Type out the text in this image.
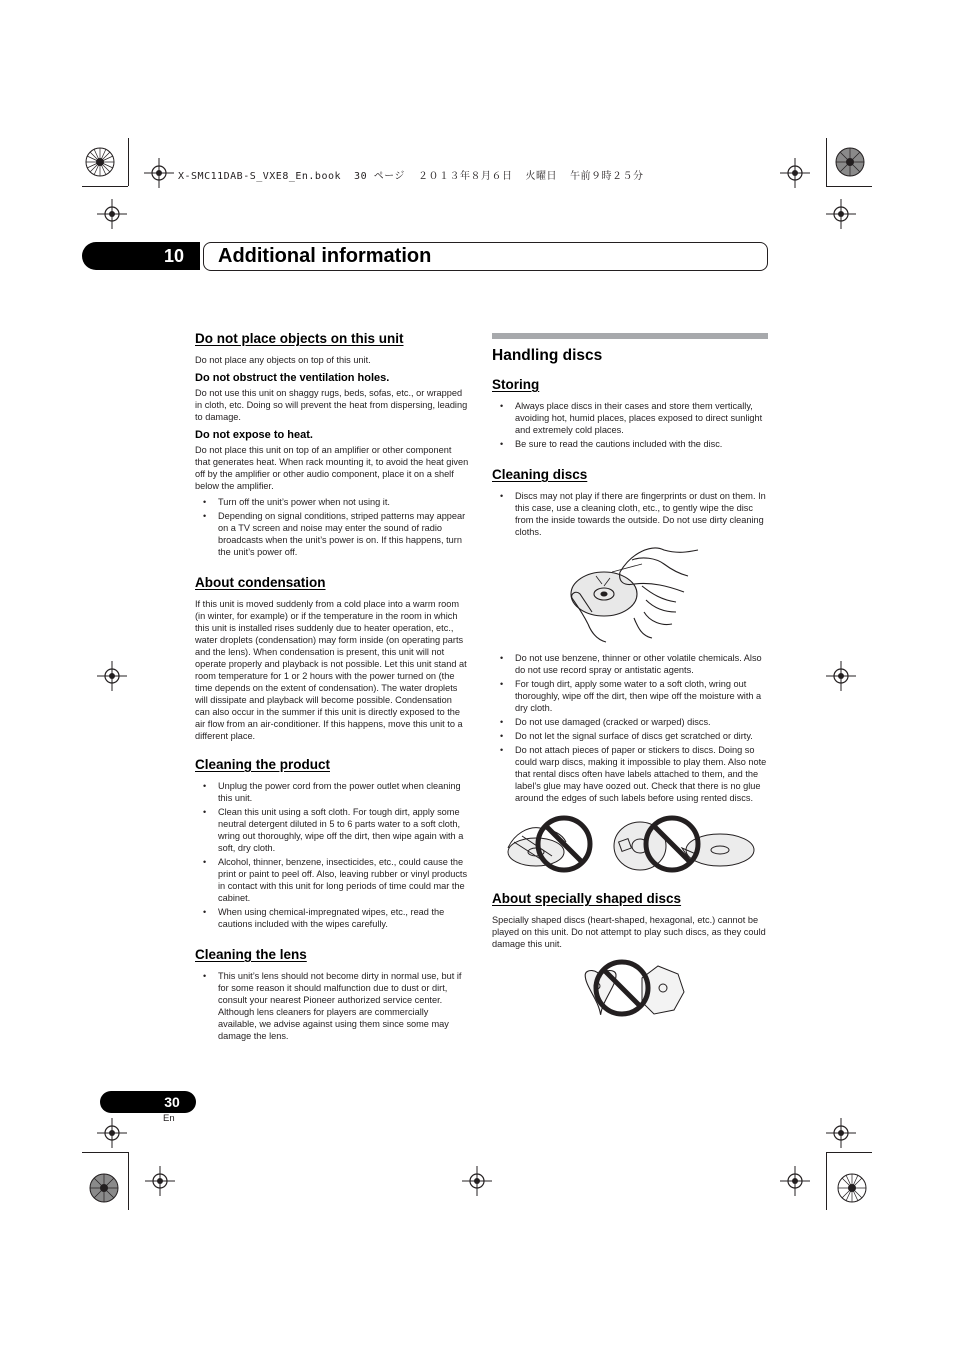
X-SMC11DAB-S_VXE8_En.book  30 ページ  ２０１３年８月６日  火曜日  午前９時２５分
10	Additional information
Do not place objects on this unit

Do not place any objects on top of this unit.

Do not obstruct the ventilation holes.

Do not use this unit on shaggy rugs, beds, sofas, etc., or wrapped in cloth, etc. Doing so will prevent the heat from dispersing, leading to damage.

Do not expose to heat.

Do not place this unit on top of an amplifier or other component that generates heat. When rack mounting it, to avoid the heat given off by the amplifier or other audio component, place it on a shelf below the amplifier.

• Turn off the unit’s power when not using it.
• Depending on signal conditions, striped patterns may appear on a TV screen and noise may enter the sound of radio broadcasts when the unit’s power is on. If this happens, turn the unit’s power off.
About condensation

If this unit is moved suddenly from a cold place into a warm room (in winter, for example) or if the temperature in the room in which this unit is installed rises suddenly due to heater operation, etc., water droplets (condensation) may form inside (on operating parts and the lens). When condensation is present, this unit will not operate properly and playback is not possible. Let this unit stand at room temperature for 1 or 2 hours with the power turned on (the time depends on the extent of condensation). The water droplets will dissipate and playback will become possible. Condensation can also occur in the summer if this unit is directly exposed to the air flow from an air-conditioner. If this happens, move this unit to a different place.

Cleaning the product
• Unplug the power cord from the power outlet when cleaning this unit.
• Clean this unit using a soft cloth. For tough dirt, apply some neutral detergent diluted in 5 to 6 parts water to a soft cloth, wring out thoroughly, wipe off the dirt, then wipe again with a soft, dry cloth.
• Alcohol, thinner, benzene, insecticides, etc., could cause the print or paint to peel off. Also, leaving rubber or vinyl products in contact with this unit for long periods of time could mar the cabinet.
• When using chemical-impregnated wipes, etc., read the cautions included with the wipes carefully.
Cleaning the lens
• This unit’s lens should not become dirty in normal use, but if for some reason it should malfunction due to dust or dirt, consult your nearest Pioneer authorized service center. Although lens cleaners for players are commercially available, we advise against using them since some may damage the lens.
Handling discs
Storing
• Always place discs in their cases and store them vertically, avoiding hot, humid places, places exposed to direct sunlight and extremely cold places.
• Be sure to read the cautions included with the disc.
Cleaning discs
• Discs may not play if there are fingerprints or dust on them. In this case, use a cleaning cloth, etc., to gently wipe the disc from the inside towards the outside. Do not use dirty cleaning cloths.
• Do not use benzene, thinner or other volatile chemicals. Also do not use record spray or antistatic agents.
• For tough dirt, apply some water to a soft cloth, wring out thoroughly, wipe off the dirt, then wipe off the moisture with a dry cloth.
• Do not use damaged (cracked or warped) discs.
• Do not let the signal surface of discs get scratched or dirty.
• Do not attach pieces of paper or stickers to discs. Doing so could warp discs, making it impossible to play them. Also note that rental discs often have labels attached to them, and the label’s glue may have oozed out. Check that there is no glue around the edges of such labels before using rented discs.
About specially shaped discs

Specially shaped discs (heart-shaped, hexagonal, etc.) cannot be played on this unit. Do not attempt to play such discs, as they could damage this unit.

30
En
